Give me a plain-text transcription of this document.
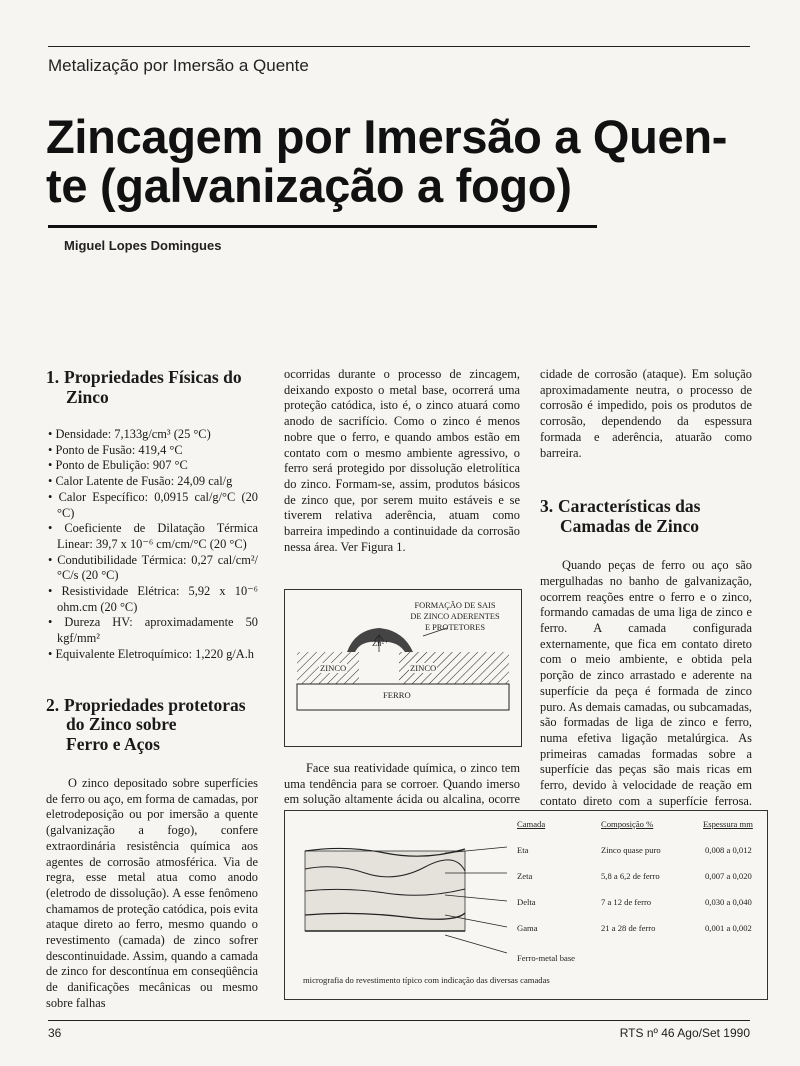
Metalização por Imersão a Quente
Zincagem por Imersão a Quen-
te (galvanização a fogo)
Miguel Lopes Domingues
1. Propriedades Físicas do
Zinco
• Densidade: 7,133g/cm³ (25 °C)
• Ponto de Fusão: 419,4 °C
• Ponto de Ebulição: 907 °C
• Calor Latente de Fusão: 24,09 cal/g
• Calor Específico: 0,0915 cal/g/°C (20 °C)
• Coeficiente de Dilatação Térmica Linear: 39,7 x 10⁻⁶ cm/cm/°C (20 °C)
• Condutibilidade Térmica: 0,27 cal/cm²/°C/s (20 °C)
• Resistividade Elétrica: 5,92 x 10⁻⁶ ohm.cm (20 °C)
• Dureza HV: aproximadamente 50 kgf/mm²
• Equivalente Eletroquímico: 1,220 g/A.h
2. Propriedades protetoras
do Zinco sobre
Ferro e Aços

O zinco depositado sobre superfícies de ferro ou aço, em forma de camadas, por eletrodeposição ou por imersão a quente (galvanização a fogo), confere extraordinária resistência química aos agentes de corrosão atmosférica. Via de regra, esse metal atua como anodo (eletrodo de dissolução). A esse fenômeno chamamos de proteção catódica, pois evita ataque direto ao ferro, mesmo quando o revestimento (camada) de zinco sofrer descontinuidade. Assim, quando a camada de zinco for descontínua em conseqüência de danificações mecânicas ou mesmo sobre falhas

ocorridas durante o processo de zincagem, deixando exposto o metal base, ocorrerá uma proteção catódica, isto é, o zinco atuará como anodo de sacrifício. Como o zinco é menos nobre que o ferro, e quando ambos estão em contato com o mesmo ambiente agressivo, o ferro será protegido por dissolução eletrolítica do zinco. Formam-se, assim, produtos básicos de zinco que, por serem muito estáveis e se tiverem relativa aderência, atuam como barreira impedindo a continuidade da corrosão nessa área. Ver Figura 1.

FORMAÇÃO DE SAIS
DE ZINCO ADERENTES
E PROTETORES
Zn²⁺
ZINCO	ZINCO
FERRO

Face sua reatividade química, o zinco tem uma tendência para se corroer. Quando imerso em solução altamente ácida ou alcalina, ocorre

cidade de corrosão (ataque). Em solução aproximadamente neutra, o processo de corrosão é impedido, pois os produtos de corrosão, dependendo da espessura formada e aderência, atuarão como barreira.

3. Características das
Camadas de Zinco

Quando peças de ferro ou aço são mergulhadas no banho de galvanização, ocorrem reações entre o ferro e o zinco, formando camadas de uma liga de zinco e ferro. A camada configurada externamente, que fica em contato direto com o meio ambiente, e obtida pela porção de zinco arrastado e aderente na superfície da peça é formada de zinco puro. As demais camadas, ou subcamadas, são formadas de liga de zinco e ferro, numa efetiva ligação metalúrgica. As primeiras camadas formadas sobre a superfície das peças são mais ricas em ferro, devido à velocidade de reação em contato direto com a superfície ferrosa.

Camada	Composição %	Espessura mm
Eta	Zinco quase puro	0,008 a 0,012
Zeta	5,8 a 6,2 de ferro	0,007 a 0,020
Delta	7 a 12 de ferro	0,030 a 0,040
Gama	21 a 28 de ferro	0,001 a 0,002
Ferro-metal base
micrografia do revestimento típico com indicação das diversas camadas
36	RTS nº 46 Ago/Set 1990
